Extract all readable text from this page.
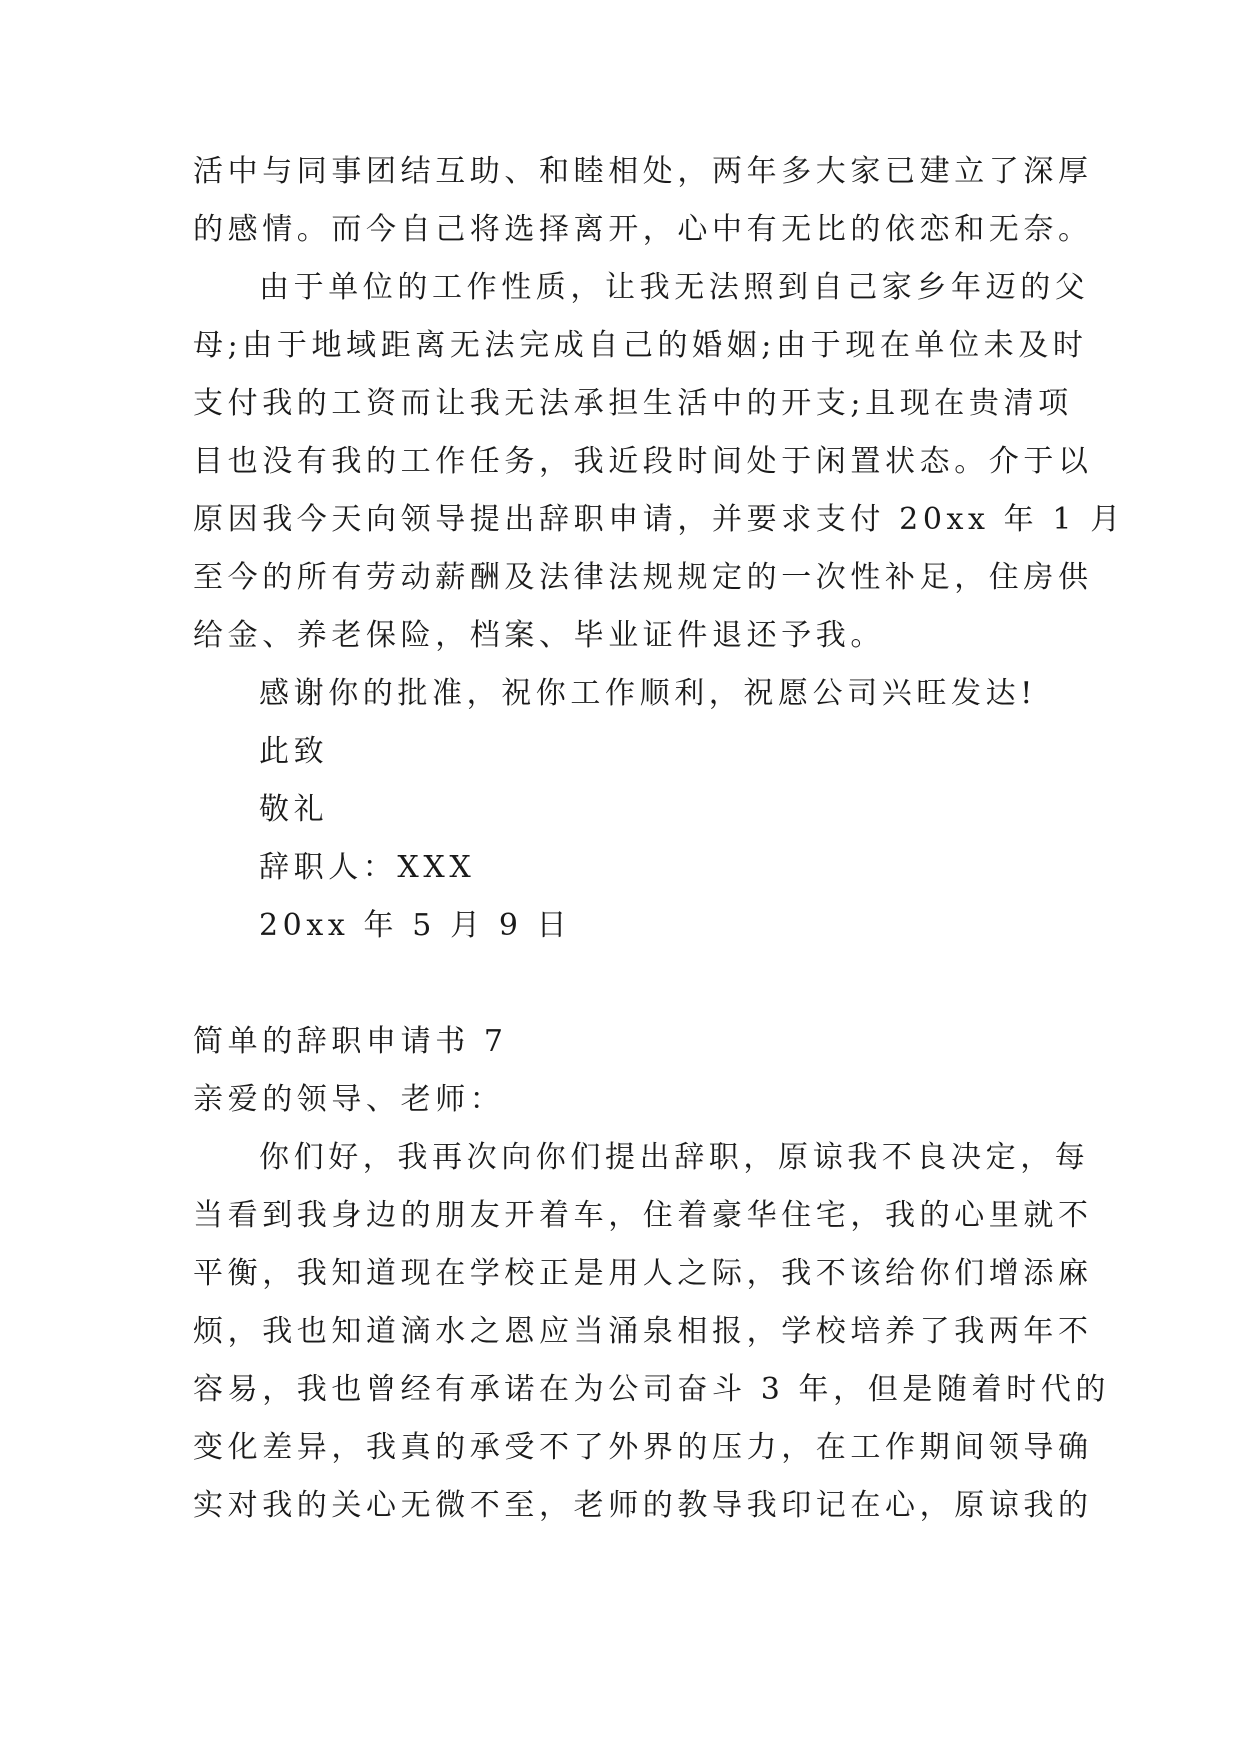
活中与同事团结互助、和睦相处，两年多大家已建立了深厚
的感情。而今自己将选择离开，心中有无比的依恋和无奈。
由于单位的工作性质，让我无法照到自己家乡年迈的父
母;由于地域距离无法完成自己的婚姻;由于现在单位未及时
支付我的工资而让我无法承担生活中的开支;且现在贵清项
目也没有我的工作任务，我近段时间处于闲置状态。介于以
原因我今天向领导提出辞职申请，并要求支付 20xx 年 1 月
至今的所有劳动薪酬及法律法规规定的一次性补足，住房供
给金、养老保险，档案、毕业证件退还予我。
感谢你的批准，祝你工作顺利，祝愿公司兴旺发达!
此致
敬礼
辞职人：XXX
20xx 年 5 月 9 日
简单的辞职申请书 7
亲爱的领导、老师：
你们好，我再次向你们提出辞职，原谅我不良决定，每
当看到我身边的朋友开着车，住着豪华住宅，我的心里就不
平衡，我知道现在学校正是用人之际，我不该给你们增添麻
烦，我也知道滴水之恩应当涌泉相报，学校培养了我两年不
容易，我也曾经有承诺在为公司奋斗 3 年，但是随着时代的
变化差异，我真的承受不了外界的压力，在工作期间领导确
实对我的关心无微不至，老师的教导我印记在心，原谅我的
